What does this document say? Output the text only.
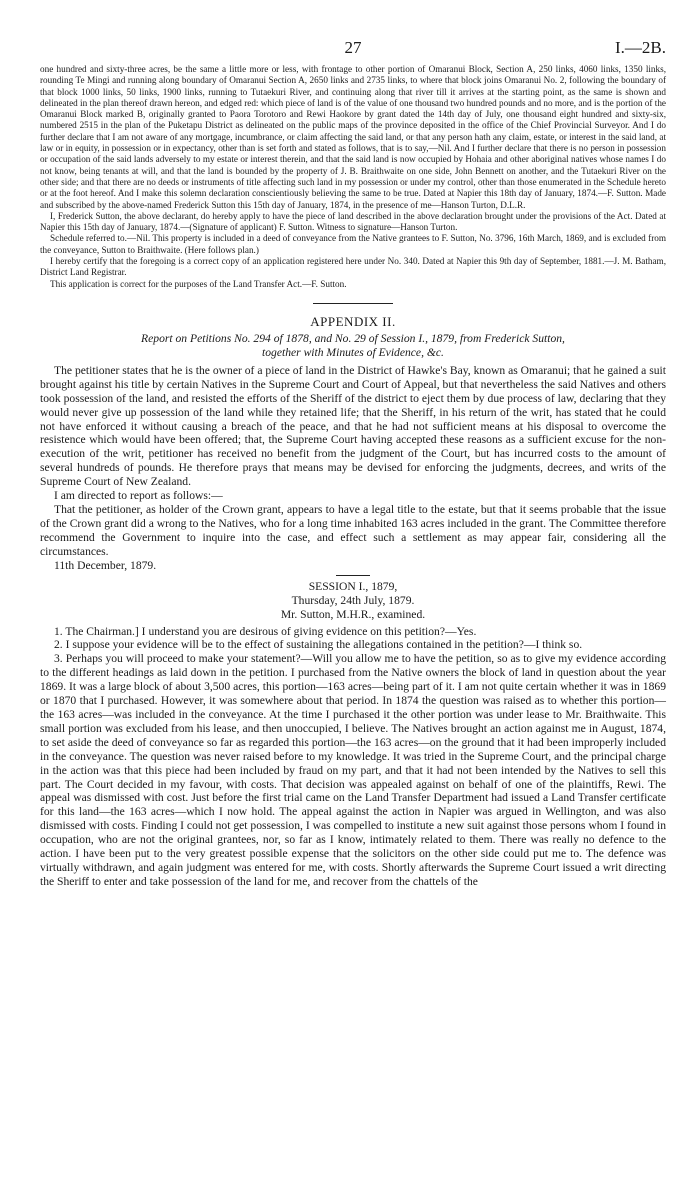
27	I.—2B.

one hundred and sixty-three acres, be the same a little more or less, with frontage to other portion of Omaranui Block, Section A, 250 links, 4060 links, 1350 links, rounding Te Mingi and running along boundary of Omaranui Section A, 2650 links and 2735 links, to where that block joins Omaranui No. 2, following the boundary of that block 1000 links, 50 links, 1900 links, running to Tutaekuri River, and continuing along that river till it arrives at the starting point, as the same is shown and delineated in the plan thereof drawn hereon, and edged red: which piece of land is of the value of one thousand two hundred pounds and no more, and is the portion of the Omaranui Block marked B, originally granted to Paora Torotoro and Rewi Haokore by grant dated the 14th day of July, one thousand eight hundred and sixty-six, numbered 2515 in the plan of the Puketapu District as delineated on the public maps of the province deposited in the office of the Chief Provincial Surveyor. And I do further declare that I am not aware of any mortgage, incumbrance, or claim affecting the said land, or that any person hath any claim, estate, or interest in the said land, at law or in equity, in possession or in expectancy, other than is set forth and stated as follows, that is to say,—Nil. And I further declare that there is no person in possession or occupation of the said lands adversely to my estate or interest therein, and that the said land is now occupied by Hohaia and other aboriginal natives whose names I do not know, being tenants at will, and that the land is bounded by the property of J. B. Braithwaite on one side, John Bennett on another, and the Tutaekuri River on the other side; and that there are no deeds or instruments of title affecting such land in my possession or under my control, other than those enumerated in the Schedule hereto or at the foot hereof. And I make this solemn declaration conscientiously believing the same to be true. Dated at Napier this 18th day of January, 1874.—F. Sutton. Made and subscribed by the above-named Frederick Sutton this 15th day of January, 1874, in the presence of me—Hanson Turton, D.L.R.

I, Frederick Sutton, the above declarant, do hereby apply to have the piece of land described in the above declaration brought under the provisions of the Act. Dated at Napier this 15th day of January, 1874.—(Signature of applicant) F. Sutton. Witness to signature—Hanson Turton.

Schedule referred to.—Nil. This property is included in a deed of conveyance from the Native grantees to F. Sutton, No. 3796, 16th March, 1869, and is excluded from the conveyance, Sutton to Braithwaite. (Here follows plan.)

I hereby certify that the foregoing is a correct copy of an application registered here under No. 340. Dated at Napier this 9th day of September, 1881.—J. M. Batham, District Land Registrar.

This application is correct for the purposes of the Land Transfer Act.—F. Sutton.

APPENDIX II.

Report on Petitions No. 294 of 1878, and No. 29 of Session I., 1879, from Frederick Sutton,

together with Minutes of Evidence, &c.

The petitioner states that he is the owner of a piece of land in the District of Hawke's Bay, known as Omaranui; that he gained a suit brought against his title by certain Natives in the Supreme Court and Court of Appeal, but that nevertheless the said Natives and others took possession of the land, and resisted the efforts of the Sheriff of the district to eject them by due process of law, declaring that they would never give up possession of the land while they retained life; that the Sheriff, in his return of the writ, has stated that he could not have enforced it without causing a breach of the peace, and that he had not sufficient means at his disposal to overcome the resistence which would have been offered; that, the Supreme Court having accepted these reasons as a sufficient excuse for the non-execution of the writ, petitioner has received no benefit from the judgment of the Court, but has incurred costs to the amount of several hundreds of pounds. He therefore prays that means may be devised for enforcing the judgments, decrees, and writs of the Supreme Court of New Zealand.

I am directed to report as follows:—

That the petitioner, as holder of the Crown grant, appears to have a legal title to the estate, but that it seems probable that the issue of the Crown grant did a wrong to the Natives, who for a long time inhabited 163 acres included in the grant. The Committee therefore recommend the Government to inquire into the case, and effect such a settlement as may appear fair, considering all the circumstances.

11th December, 1879.

SESSION I., 1879,

Thursday, 24th July, 1879.

Mr. Sutton, M.H.R., examined.

1. The Chairman.] I understand you are desirous of giving evidence on this petition?—Yes.

2. I suppose your evidence will be to the effect of sustaining the allegations contained in the petition?—I think so.

3. Perhaps you will proceed to make your statement?—Will you allow me to have the petition, so as to give my evidence according to the different headings as laid down in the petition. I purchased from the Native owners the block of land in question about the year 1869. It was a large block of about 3,500 acres, this portion—163 acres—being part of it. I am not quite certain whether it was in 1869 or 1870 that I purchased. However, it was somewhere about that period. In 1874 the question was raised as to whether this portion—the 163 acres—was included in the conveyance. At the time I purchased it the other portion was under lease to Mr. Braithwaite. This small portion was excluded from his lease, and then unoccupied, I believe. The Natives brought an action against me in August, 1874, to set aside the deed of conveyance so far as regarded this portion—the 163 acres—on the ground that it had been improperly included in the conveyance. The question was never raised before to my knowledge. It was tried in the Supreme Court, and the principal charge in the action was that this piece had been included by fraud on my part, and that it had not been intended by the Natives to sell this part. The Court decided in my favour, with costs. That decision was appealed against on behalf of one of the plaintiffs, Rewi. The appeal was dismissed with cost. Just before the first trial came on the Land Transfer Department had issued a Land Transfer certificate for this land—the 163 acres—which I now hold. The appeal against the action in Napier was argued in Wellington, and was also dismissed with costs. Finding I could not get possession, I was compelled to institute a new suit against those persons whom I found in occupation, who are not the original grantees, nor, so far as I know, intimately related to them. There was really no defence to the action. I have been put to the very greatest possible expense that the solicitors on the other side could put me to. The defence was virtually withdrawn, and again judgment was entered for me, with costs. Shortly afterwards the Supreme Court issued a writ directing the Sheriff to enter and take possession of the land for me, and recover from the chattels of the
